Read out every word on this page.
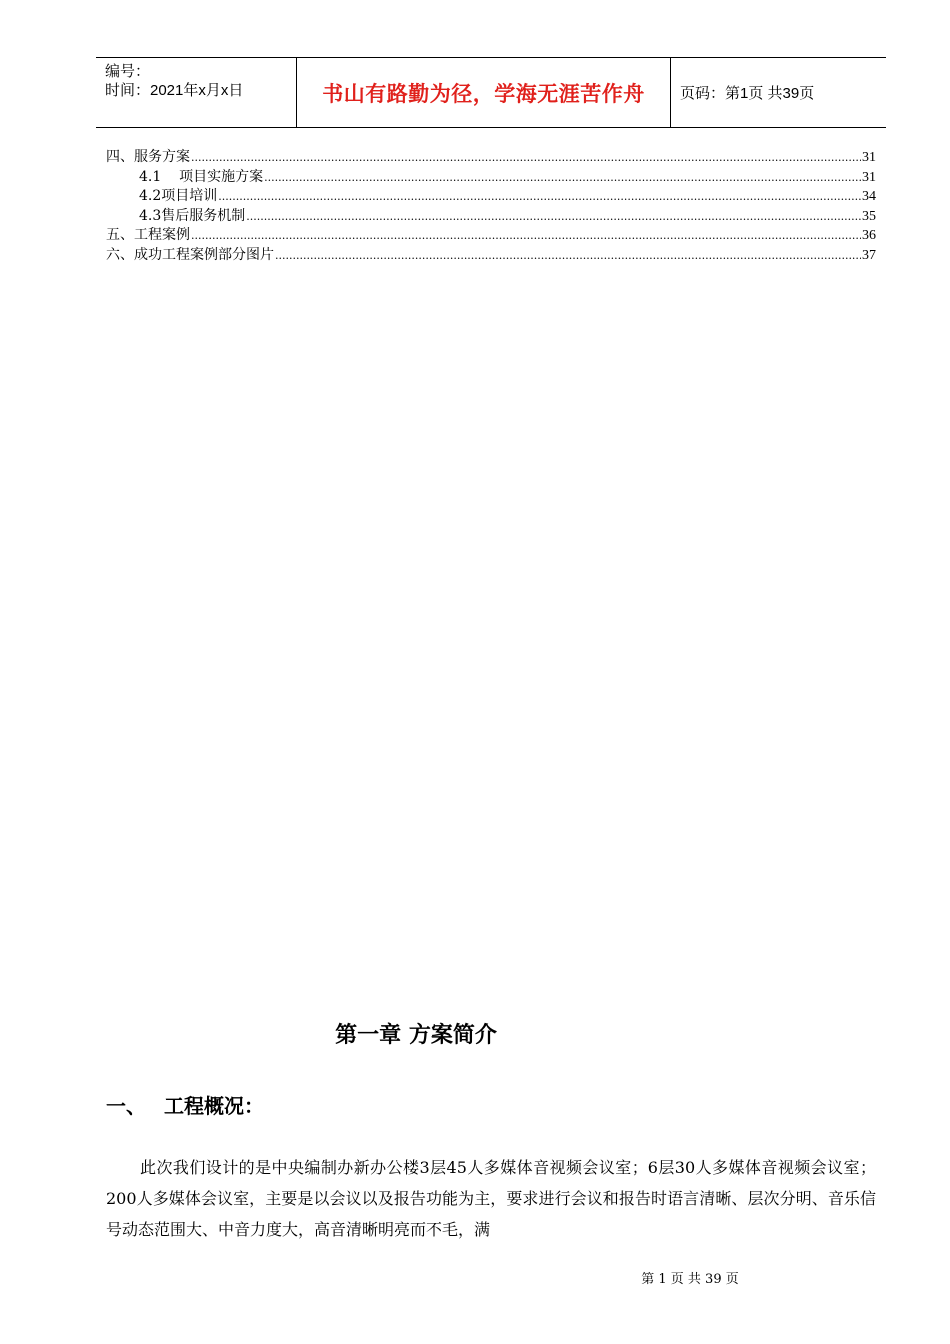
编号：
时间：2021年x月x日	书山有路勤为径，学海无涯苦作舟	页码：第1页 共39页
四、服务方案 .....	31
4.1    项目实施方案 .....	31
4.2项目培训 .....	34
4.3售后服务机制 .....	35
五、工程案例 .....	36
六、成功工程案例部分图片 .....	37
第一章 方案简介
一、 工程概况：
此次我们设计的是中央编制办新办公楼3层45人多媒体音视频会议室；6层30人多媒体音视频会议室；200人多媒体会议室，主要是以会议以及报告功能为主，要求进行会议和报告时语言清晰、层次分明、音乐信号动态范围大、中音力度大，高音清晰明亮而不毛，满
第 1 页 共 39 页
